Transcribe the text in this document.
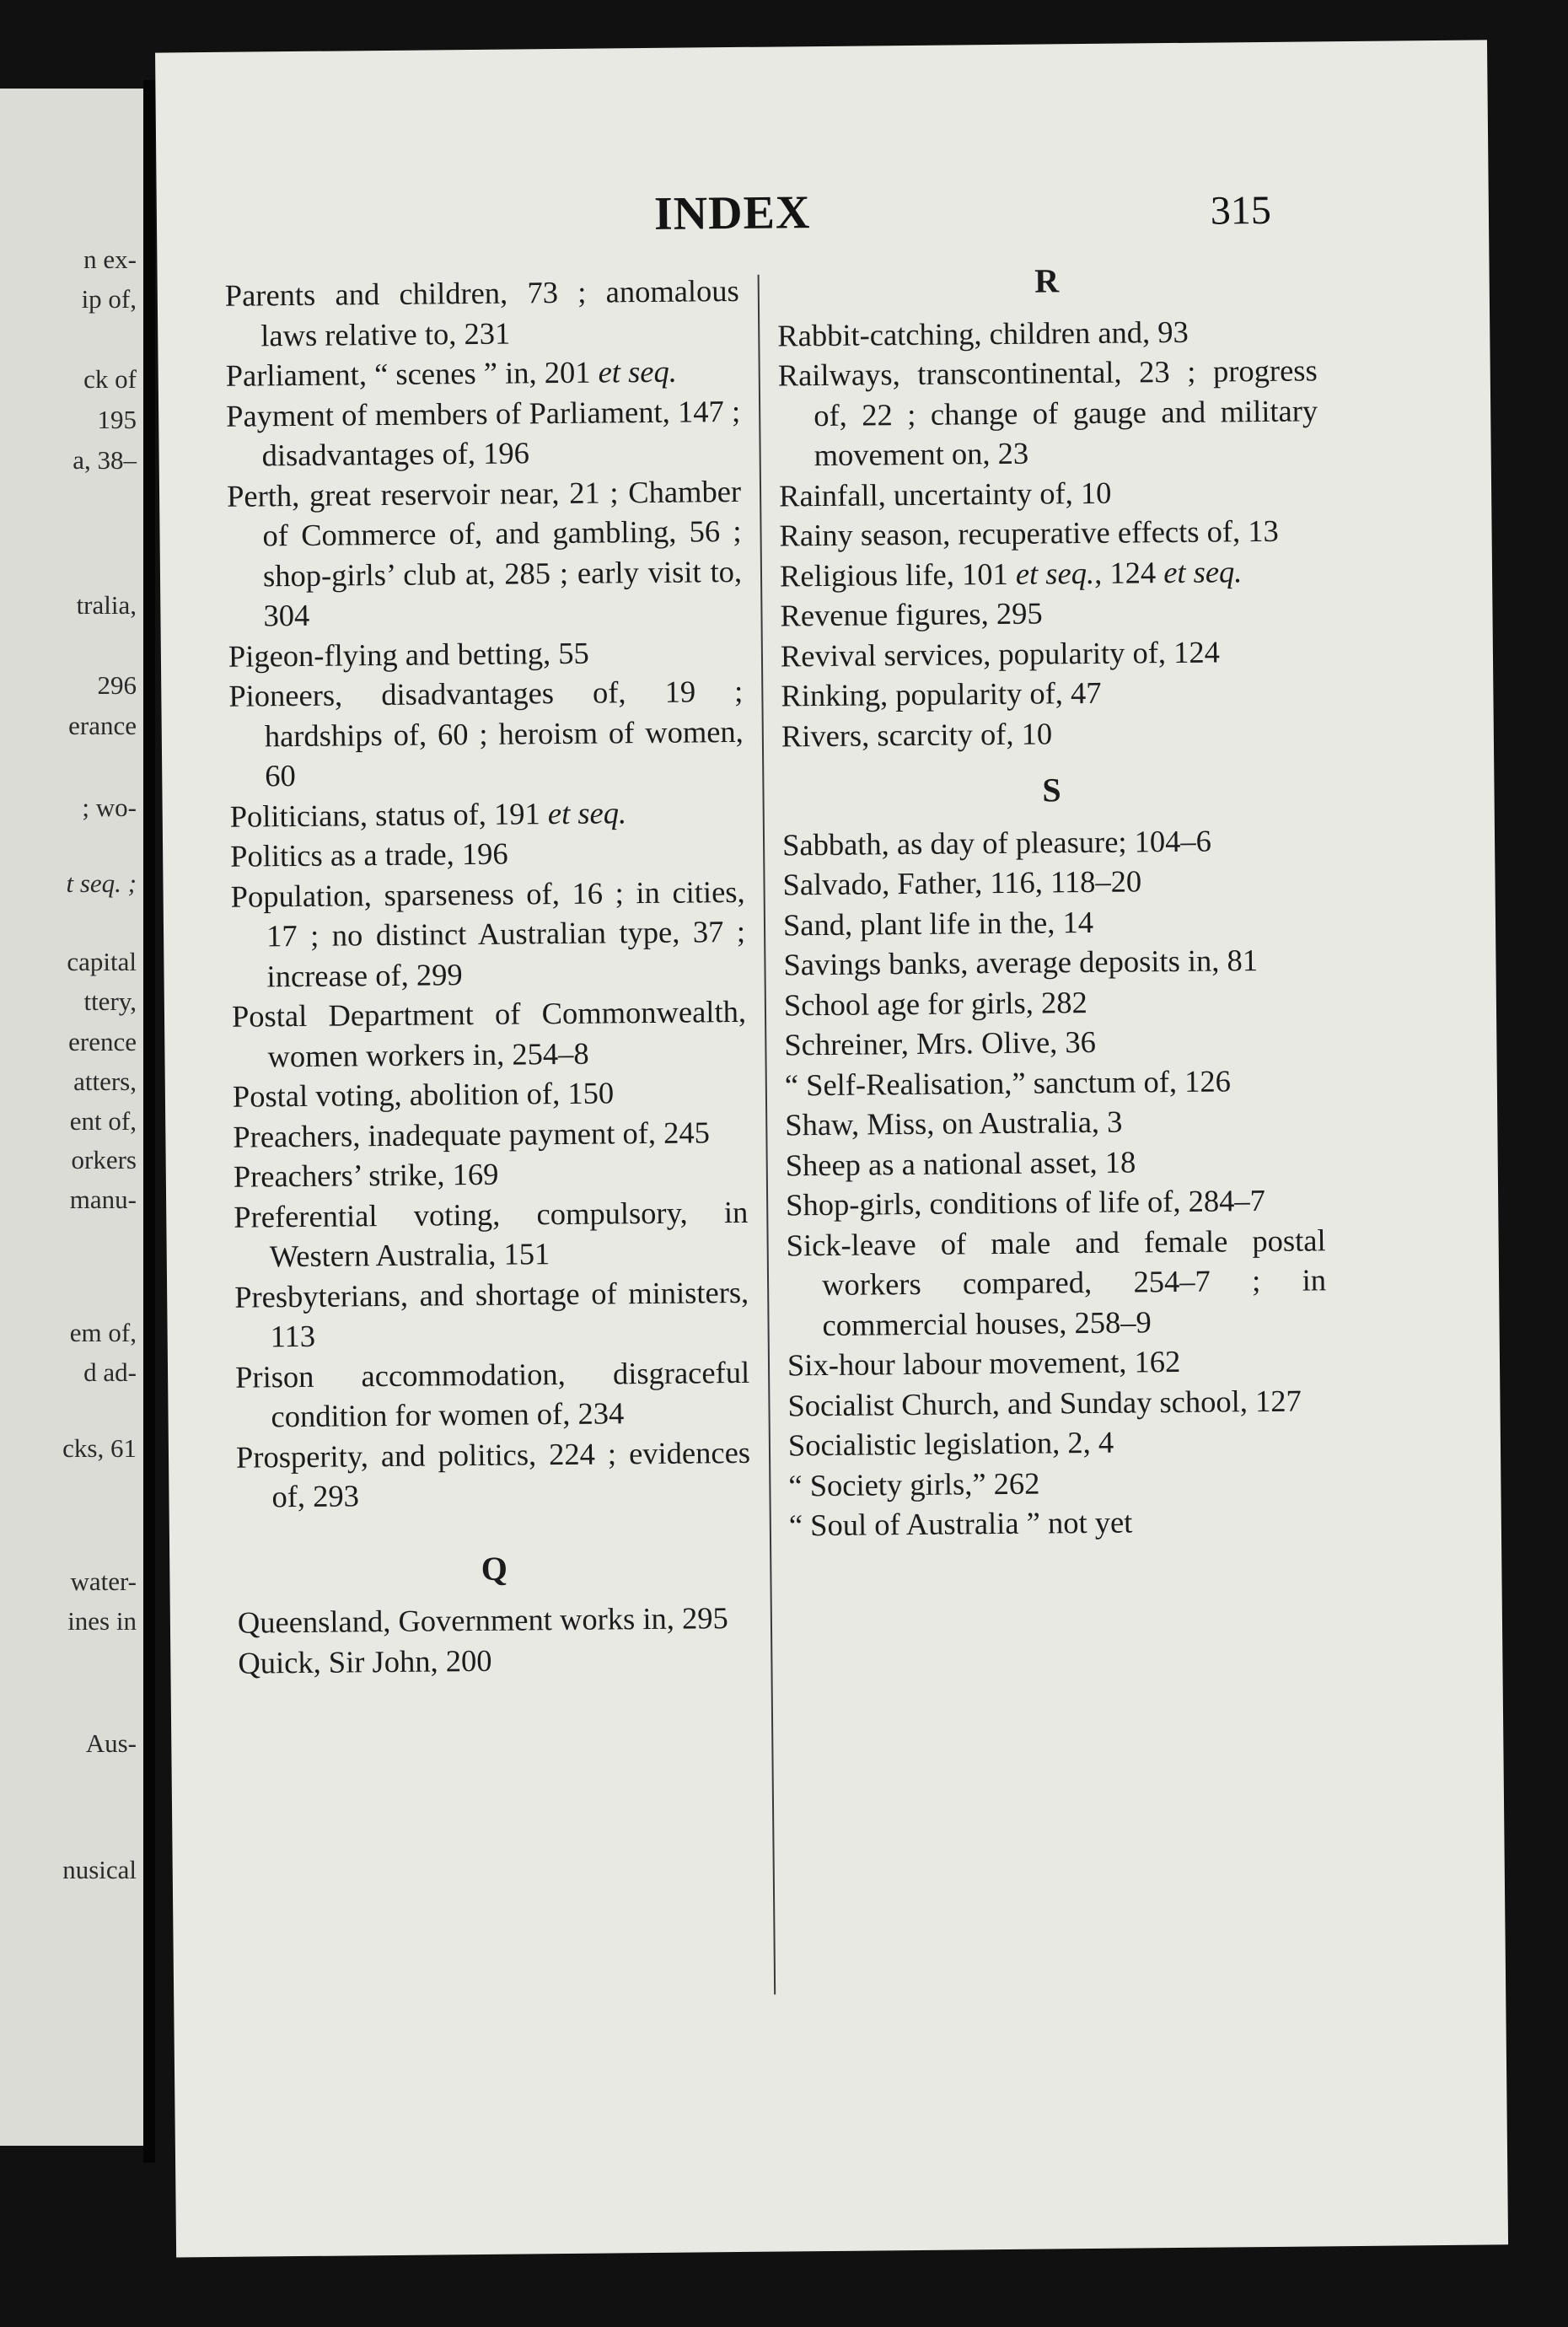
n ex-
ip of,
ck of
195
a, 38–
tralia,
296
erance
; wo-
t seq. ;
capital
ttery,
erence
atters,
ent of,
orkers
manu-
em of,
d ad-
cks, 61
water-
ines in
Aus-
nusical
INDEX	315
Parents and children, 73 ; anomalous laws relative to, 231
Parliament, “ scenes ” in, 201 et seq.
Payment of members of Parliament, 147 ; disadvantages of, 196
Perth, great reservoir near, 21 ; Chamber of Commerce of, and gambling, 56 ; shop-girls’ club at, 285 ; early visit to, 304
Pigeon-flying and betting, 55
Pioneers, disadvantages of, 19 ; hardships of, 60 ; heroism of women, 60
Politicians, status of, 191 et seq.
Politics as a trade, 196
Population, sparseness of, 16 ; in cities, 17 ; no distinct Australian type, 37 ; increase of, 299
Postal Department of Commonwealth, women workers in, 254–8
Postal voting, abolition of, 150
Preachers, inadequate payment of, 245
Preachers’ strike, 169
Preferential voting, compulsory, in Western Australia, 151
Presbyterians, and shortage of ministers, 113
Prison accommodation, disgraceful condition for women of, 234
Prosperity, and politics, 224 ; evidences of, 293
Q
Queensland, Government works in, 295
Quick, Sir John, 200
R
Rabbit-catching, children and, 93
Railways, transcontinental, 23 ; progress of, 22 ; change of gauge and military movement on, 23
Rainfall, uncertainty of, 10
Rainy season, recuperative effects of, 13
Religious life, 101 et seq., 124 et seq.
Revenue figures, 295
Revival services, popularity of, 124
Rinking, popularity of, 47
Rivers, scarcity of, 10
S
Sabbath, as day of pleasure; 104–6
Salvado, Father, 116, 118–20
Sand, plant life in the, 14
Savings banks, average deposits in, 81
School age for girls, 282
Schreiner, Mrs. Olive, 36
“ Self-Realisation,” sanctum of, 126
Shaw, Miss, on Australia, 3
Sheep as a national asset, 18
Shop-girls, conditions of life of, 284–7
Sick-leave of male and female postal workers compared, 254–7 ; in commercial houses, 258–9
Six-hour labour movement, 162
Socialist Church, and Sunday school, 127
Socialistic legislation, 2, 4
“ Society girls,” 262
“ Soul of Australia ” not yet
